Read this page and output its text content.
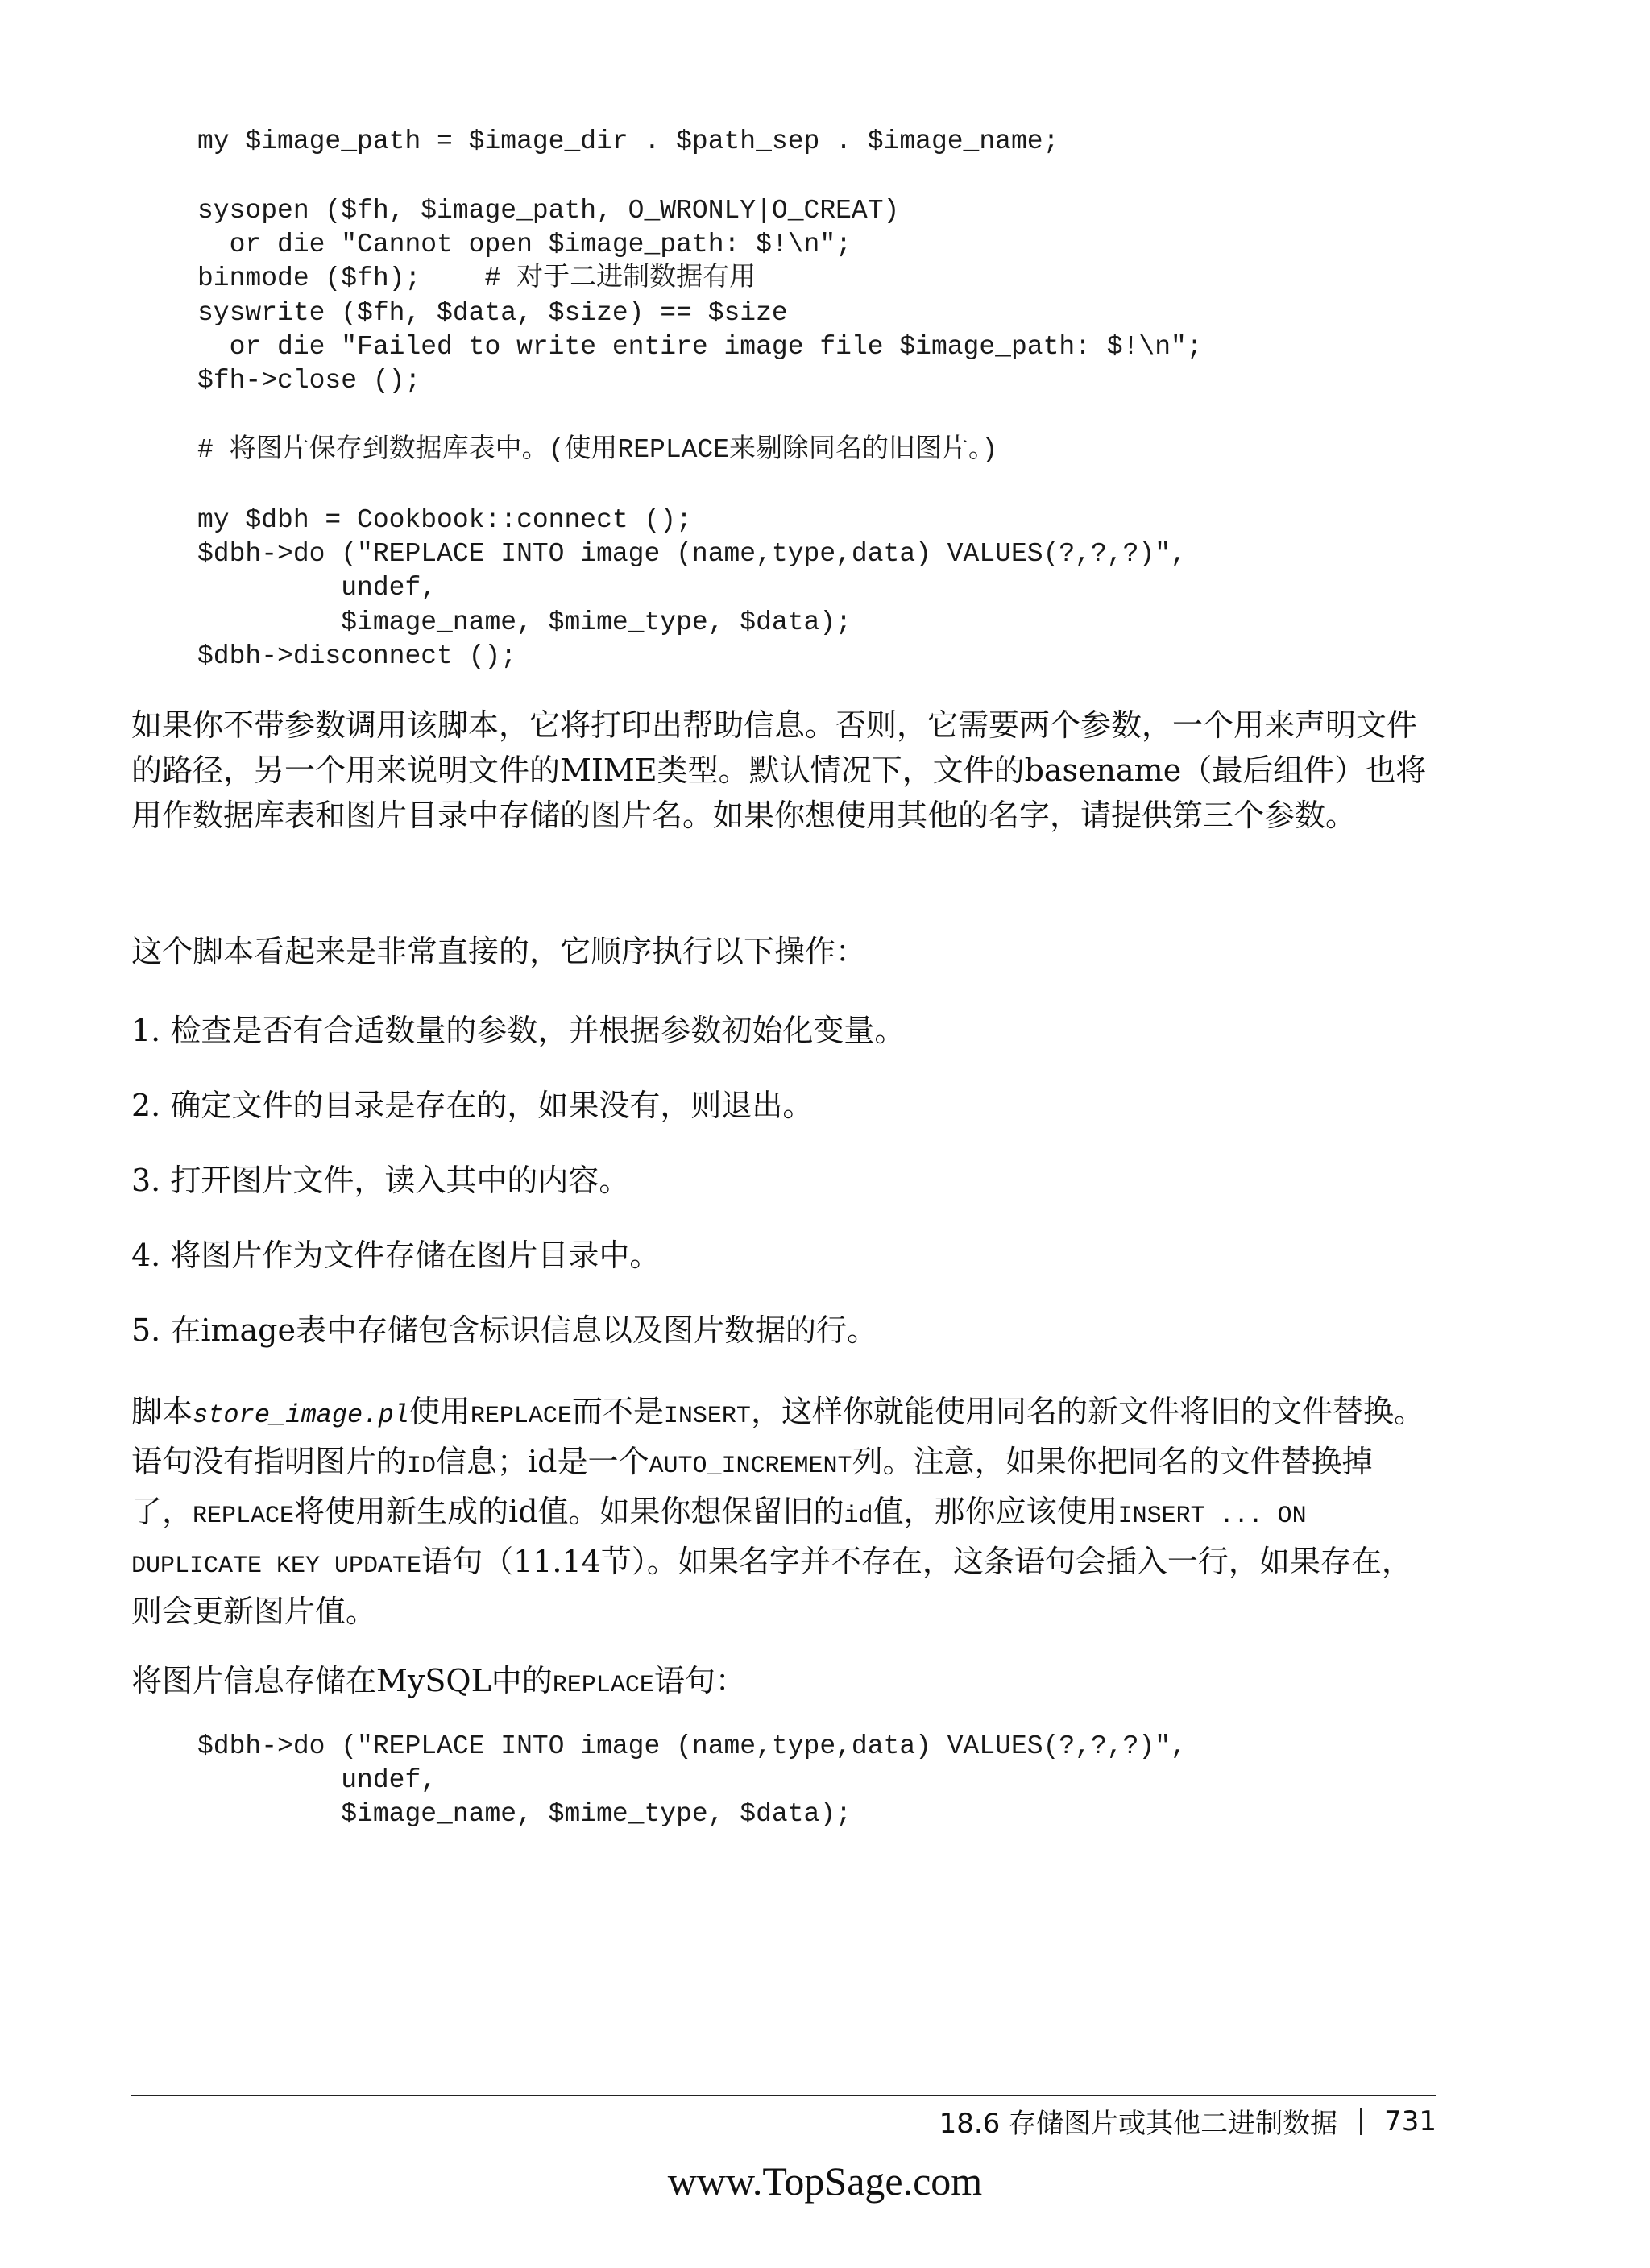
my $image_path = $image_dir . $path_sep . $image_name;
sysopen ($fh, $image_path, O_WRONLY|O_CREAT)
or die "Cannot open $image_path: $!\n";
binmode ($fh);    # 对于二进制数据有用
syswrite ($fh, $data, $size) == $size
or die "Failed to write entire image file $image_path: $!\n";
$fh->close ();
# 将图片保存到数据库表中。(使用REPLACE来剔除同名的旧图片。)
my $dbh = Cookbook::connect ();
$dbh->do ("REPLACE INTO image (name,type,data) VALUES(?,?,?)",
undef,
$image_name, $mime_type, $data);
$dbh->disconnect ();

如果你不带参数调用该脚本，它将打印出帮助信息。否则，它需要两个参数，一个用来声明文件的路径，另一个用来说明文件的MIME类型。默认情况下，文件的basename（最后组件）也将用作数据库表和图片目录中存储的图片名。如果你想使用其他的名字，请提供第三个参数。

这个脚本看起来是非常直接的，它顺序执行以下操作：

1. 检查是否有合适数量的参数，并根据参数初始化变量。
2. 确定文件的目录是存在的，如果没有，则退出。
3. 打开图片文件，读入其中的内容。
4. 将图片作为文件存储在图片目录中。
5. 在image表中存储包含标识信息以及图片数据的行。

脚本store_image.pl使用REPLACE而不是INSERT，这样你就能使用同名的新文件将旧的文件替换。语句没有指明图片的ID信息；id是一个AUTO_INCREMENT列。注意，如果你把同名的文件替换掉了，REPLACE将使用新生成的id值。如果你想保留旧的id值，那你应该使用INSERT ... ON DUPLICATE KEY UPDATE语句（11.14节）。如果名字并不存在，这条语句会插入一行，如果存在，则会更新图片值。

将图片信息存储在MySQL中的REPLACE语句：

$dbh->do ("REPLACE INTO image (name,type,data) VALUES(?,?,?)",
undef,
$image_name, $mime_type, $data);
18.6 存储图片或其他二进制数据 731
www.TopSage.com
